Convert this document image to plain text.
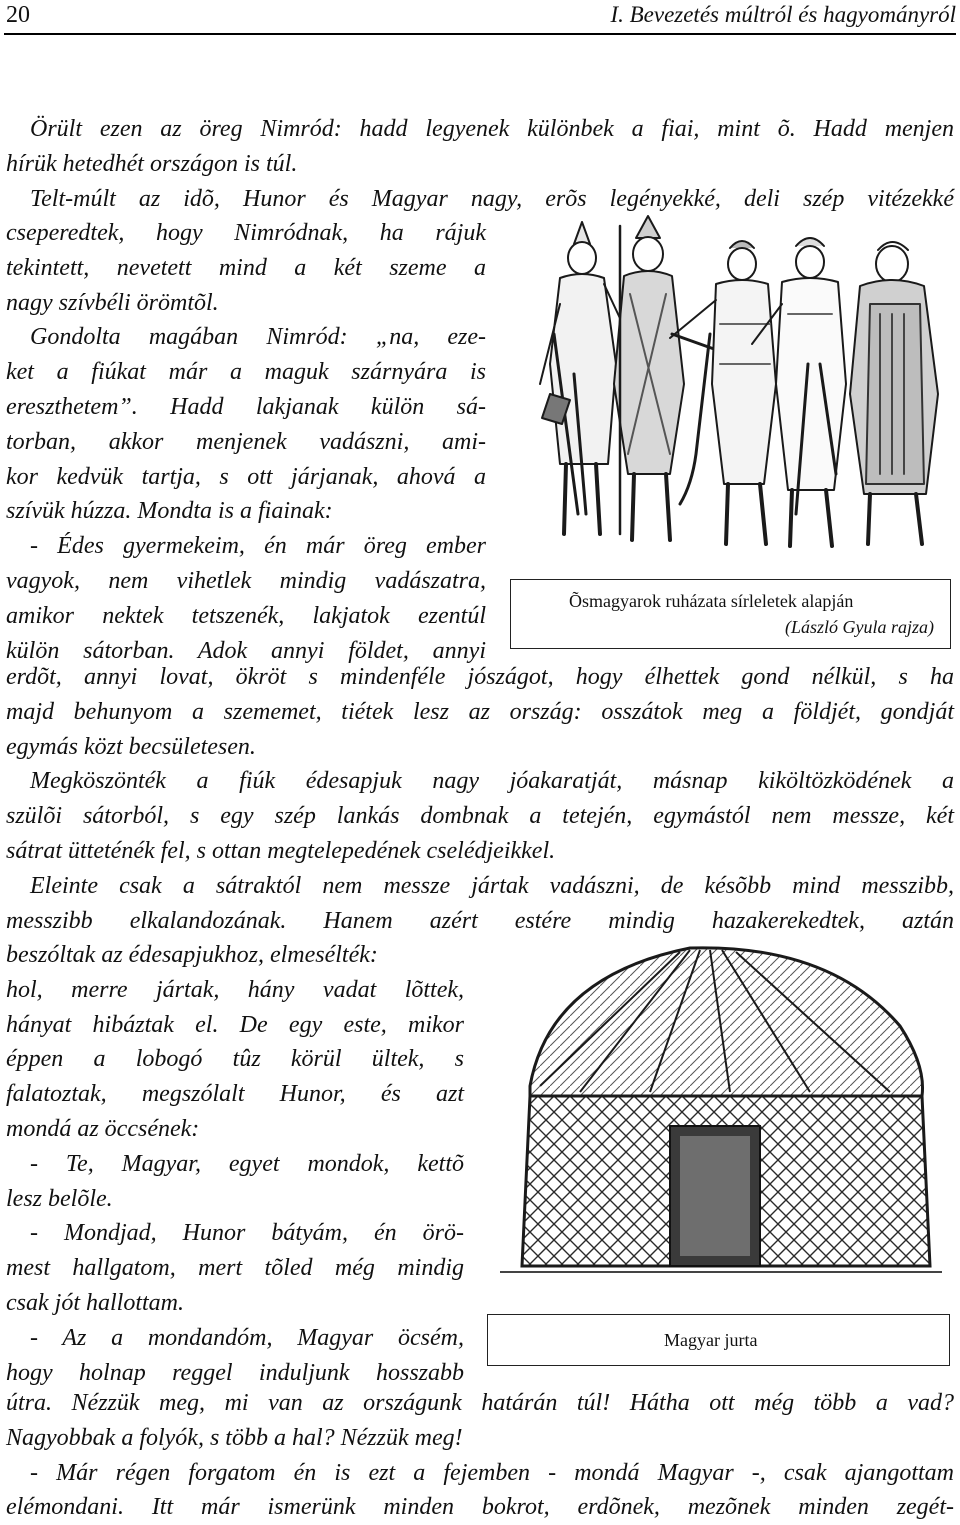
20	I. Bevezetés múltról és hagyományról

Örült ezen az öreg Nimród: hadd legyenek különbek a fiai, mint õ. Hadd menjen

hírük hetedhét országon is túl.

Telt-múlt az idõ, Hunor és Magyar nagy, erõs legényekké, deli szép vitézekké

cseperedtek, hogy Nimródnak, ha rájuk

tekintett, nevetett mind a két szeme a

nagy szívbéli örömtõl.

Gondolta magában Nimród: „na, eze-

ket a fiúkat már a maguk szárnyára is

ereszthetem”. Hadd lakjanak külön sá-

torban, akkor menjenek vadászni, ami-

kor kedvük tartja, s ott járjanak, ahová a

szívük húzza. Mondta is a fiainak:

- Édes gyermekeim, én már öreg ember

vagyok, nem vihetlek mindig vadászatra,

amikor nektek tetszenék, lakjatok ezentúl

külön sátorban. Adok annyi földet, annyi

erdõt, annyi lovat, ökröt s mindenféle jószágot, hogy élhettek gond nélkül, s ha

majd behunyom a szememet, tiétek lesz az ország: osszátok meg a földjét, gondját

egymás közt becsületesen.

Megköszönték a fiúk édesapjuk nagy jóakaratját, másnap kiköltözködének a

szülõi sátorból, s egy szép lankás dombnak a tetején, egymástól nem messze, két

sátrat ütteténék fel, s ottan megtelepedének cselédjeikkel.

Eleinte csak a sátraktól nem messze jártak vadászni, de késõbb mind messzibb,

messzibb elkalandozának. Hanem azért estére mindig hazakerekedtek, aztán

beszóltak az édesapjukhoz, elmesélték:

hol, merre jártak, hány vadat lõttek,

hányat hibáztak el. De egy este, mikor

éppen a lobogó tûz körül ültek, s

falatoztak, megszólalt Hunor, és azt

mondá az öccsének:

- Te, Magyar, egyet mondok, kettõ

lesz belõle.

- Mondjad, Hunor bátyám, én örö-

mest hallgatom, mert tõled még mindig

csak jót hallottam.

- Az a mondandóm, Magyar öcsém,

hogy holnap reggel induljunk hosszabb

útra. Nézzük meg, mi van az országunk határán túl! Hátha ott még több a vad?

Nagyobbak a folyók, s több a hal? Nézzük meg!

- Már régen forgatom én is ezt a fejemben - mondá Magyar -, csak ajangottam

elémondani. Itt már ismerünk minden bokrot, erdõnek, mezõnek minden zegét-

Õsmagyarok ruházata sírleletek alapján
(László Gyula rajza)
Magyar jurta
